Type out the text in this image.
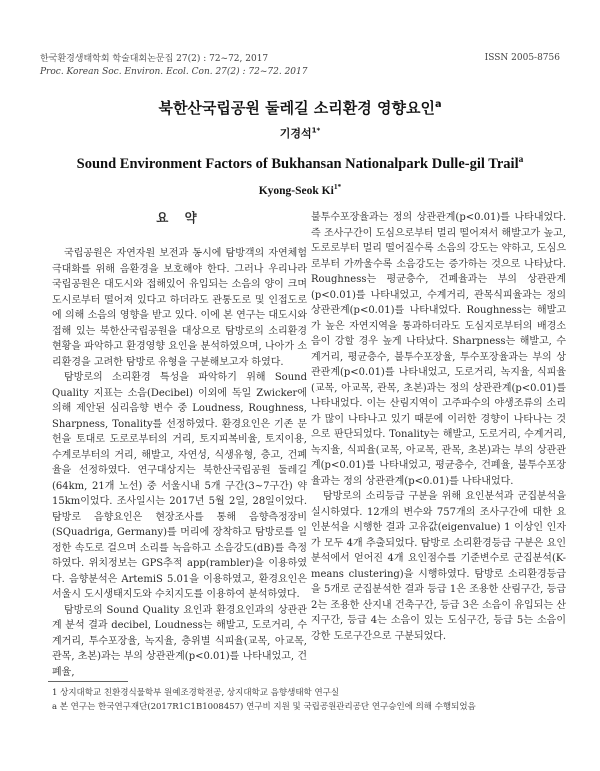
한국환경생태학회 학술대회논문집 27(2) : 72~72, 2017
Proc. Korean Soc. Environ. Ecol. Con. 27(2) : 72~72. 2017
ISSN 2005-8756
북한산국립공원 둘레길 소리환경 영향요인$^a$
기경석$^{1*}$
Sound Environment Factors of Bukhansan Nationalpark Dulle-gil Trail$^a$
Kyong-Seok $Ki^{1*}$
요 약

국립공원은 자연자원 보전과 동시에 탐방객의 자연체험 극대화를 위해 음환경을 보호해야 한다. 그러나 우리나라 국립공원은 대도시와 접해있어 유입되는 소음의 양이 크며 도시로부터 떨어져 있다고 하더라도 관통도로 및 인접도로에 의해 소음의 영향을 받고 있다. 이에 본 연구는 대도시와 접해 있는 북한산국립공원을 대상으로 탐방로의 소리환경 현황을 파악하고 환경영향 요인을 분석하였으며, 나아가 소리환경을 고려한 탐방로 유형을 구분해보고자 하였다.

탐방로의 소리환경 특성을 파악하기 위해 Sound Quality 지표는 소음(Decibel) 이외에 독일 Zwicker에 의해 제안된 심리음향 변수 중 Loudness, Roughness, Sharpness, Tonality를 선정하였다. 환경요인은 기존 문헌을 토대로 도로로부터의 거리, 토지피복비율, 토지이용, 수계로부터의 거리, 해발고, 자연성, 식생유형, 층고, 건폐율을 선정하였다. 연구대상지는 북한산국립공원 둘레길(64km, 21개 노선) 중 서울시내 5개 구간(3~7구간) 약 15km이었다. 조사일시는 2017년 5월 2일, 28일이었다. 탐방로 음향요인은 현장조사를 통해 음향측정장비(SQuadriga, Germany)를 머리에 장착하고 탐방로를 일정한 속도로 걸으며 소리를 녹음하고 소음강도(dB)를 측정하였다. 위치정보는 GPS추적 app(rambler)을 이용하였다. 음향분석은 ArtemiS 5.01을 이용하였고, 환경요인은 서울시 도시생태지도와 수치지도를 이용하여 분석하였다.

탐방로의 Sound Quality 요인과 환경요인과의 상관관계 분석 결과 decibel, Loudness는 해발고, 도로거리, 수계거리, 투수포장율, 녹지율, 층위별 식피율(교목, 아교목, 관목, 초본)과는 부의 상관관계(p<0.01)를 나타내었고, 건폐율,

불투수포장율과는 정의 상관관계(p<0.01)를 나타내었다. 즉 조사구간이 도심으로부터 멀리 떨어져서 해발고가 높고, 도로로부터 멀리 떨어질수록 소음의 강도는 약하고, 도심으로부터 가까울수록 소음강도는 증가하는 것으로 나타났다. Roughness는 평균층수, 건폐율과는 부의 상관관계(p<0.01)를 나타내었고, 수계거리, 관목식피율과는 정의 상관관계(p<0.01)를 나타내었다. Roughness는 해발고가 높은 자연지역을 통과하더라도 도심지로부터의 배경소음이 강할 경우 높게 나타났다. Sharpness는 해발고, 수계거리, 평균층수, 불투수포장율, 투수포장율과는 부의 상관관계(p<0.01)를 나타내었고, 도로거리, 녹지율, 식피율(교목, 아교목, 관목, 초본)과는 정의 상관관계(p<0.01)를 나타내었다. 이는 산림지역이 고주파수의 야생조류의 소리가 많이 나타나고 있기 때문에 이러한 경향이 나타나는 것으로 판단되었다. Tonality는 해발고, 도로거리, 수계거리, 녹지율, 식피율(교목, 아교목, 관목, 초본)과는 부의 상관관계(p<0.01)를 나타내었고, 평균층수, 건폐율, 불투수포장율과는 정의 상관관계(p<0.01)를 나타내었다.

탐방로의 소리등급 구분을 위해 요인분석과 군집분석을 실시하였다. 12개의 변수와 757개의 조사구간에 대한 요인분석을 시행한 결과 고유값(eigenvalue) 1 이상인 인자가 모두 4개 추출되었다. 탐방로 소리환경등급 구분은 요인분석에서 얻어진 4개 요인점수를 기준변수로 군집분석(K-means clustering)을 시행하였다. 탐방로 소리환경등급을 5개로 군집분석한 결과 등급 1은 조용한 산림구간, 등급 2는 조용한 산지내 건축구간, 등급 3은 소음이 유입되는 산지구간, 등급 4는 소음이 있는 도심구간, 등급 5는 소음이 강한 도로구간으로 구분되었다.

1 상지대학교 친환경식물학부 원예조경학전공, 상지대학교 음향생태학 연구실
a 본 연구는 한국연구재단(2017R1C1B1008457) 연구비 지원 및 국립공원관리공단 연구승인에 의해 수행되었음
